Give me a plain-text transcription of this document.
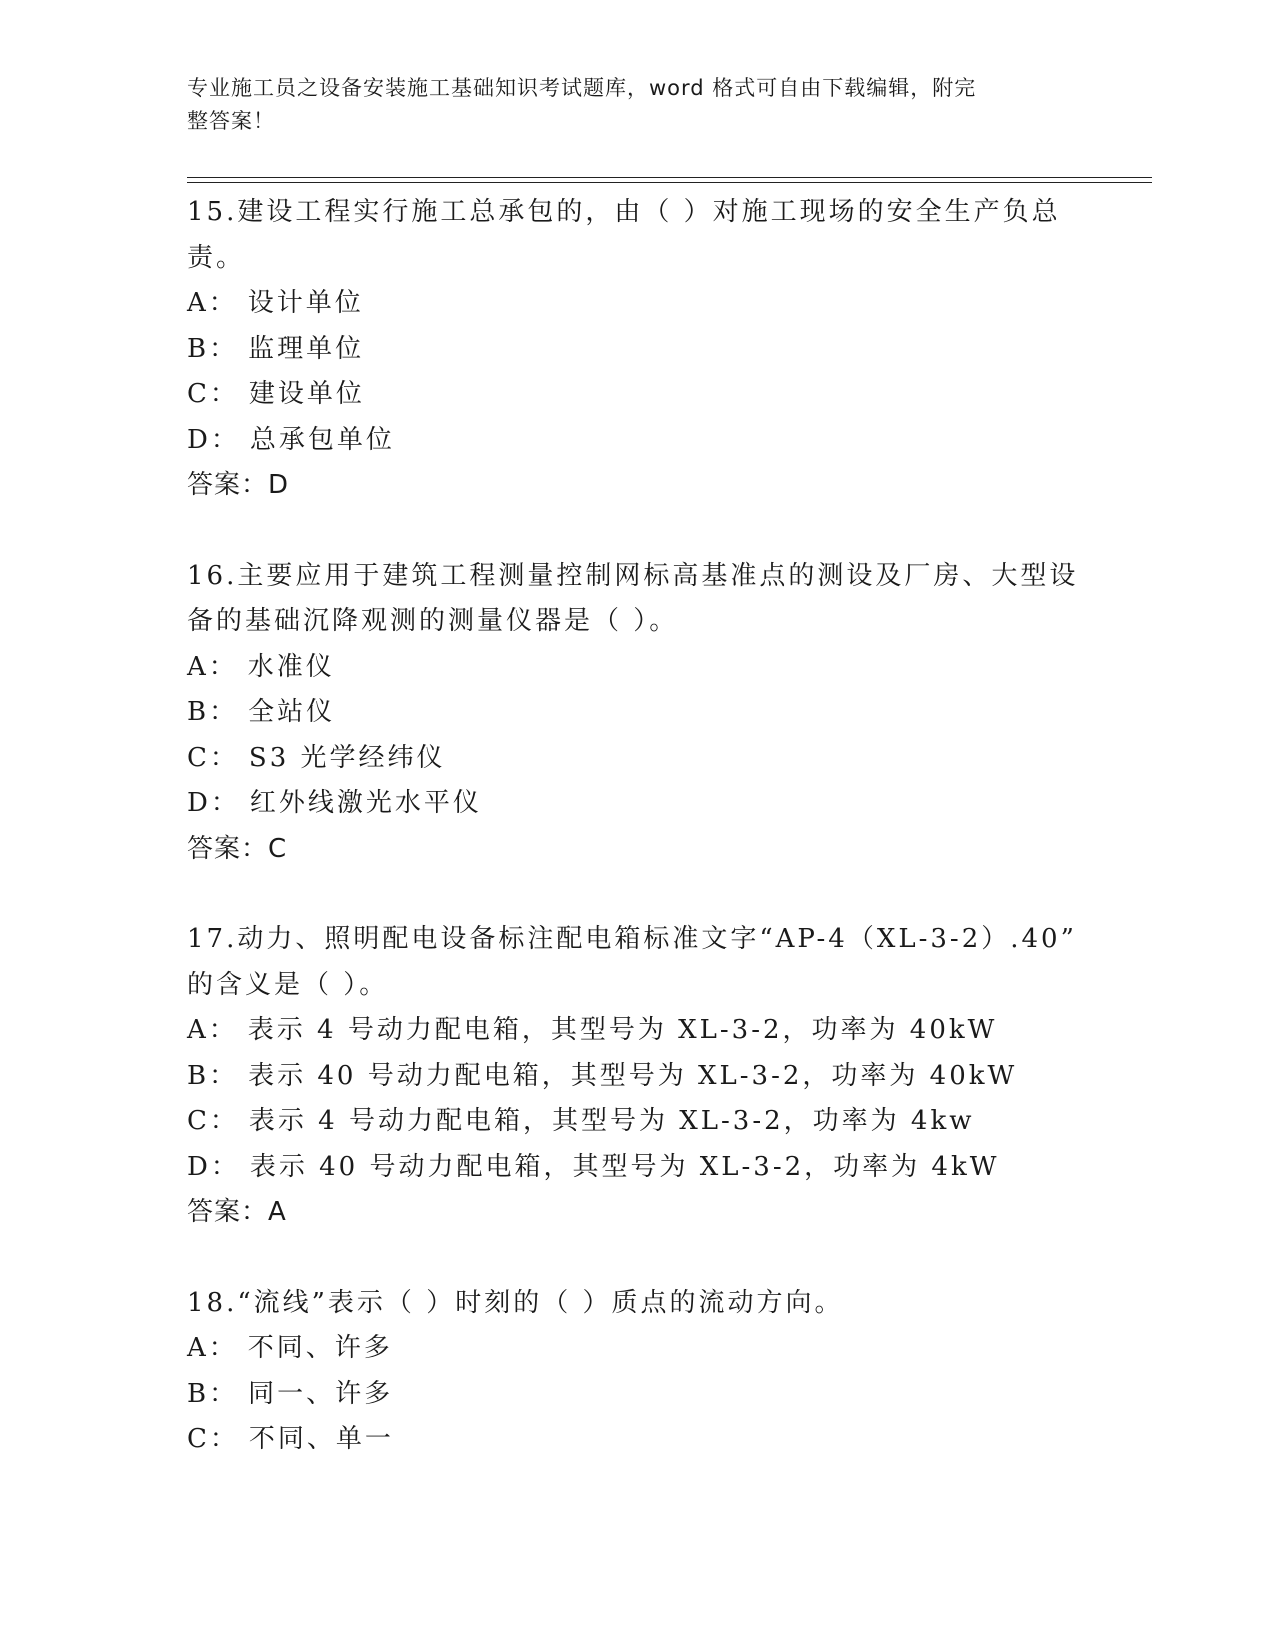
专业施工员之设备安装施工基础知识考试题库，word 格式可自由下载编辑，附完
整答案！
15.建设工程实行施工总承包的，由（ ）对施工现场的安全生产负总
责。
A： 设计单位
B： 监理单位
C： 建设单位
D： 总承包单位
答案：D
16.主要应用于建筑工程测量控制网标高基准点的测设及厂房、大型设
备的基础沉降观测的测量仪器是（ ）。
A： 水准仪
B： 全站仪
C： S3 光学经纬仪
D： 红外线激光水平仪
答案：C
17.动力、照明配电设备标注配电箱标准文字“AP-4（XL-3-2）.40”
的含义是（ ）。
A： 表示 4 号动力配电箱，其型号为 XL-3-2，功率为 40kW
B： 表示 40 号动力配电箱，其型号为 XL-3-2，功率为 40kW
C： 表示 4 号动力配电箱，其型号为 XL-3-2，功率为 4kw
D： 表示 40 号动力配电箱，其型号为 XL-3-2，功率为 4kW
答案：A
18.“流线”表示（ ）时刻的（ ）质点的流动方向。
A： 不同、许多
B： 同一、许多
C： 不同、单一
